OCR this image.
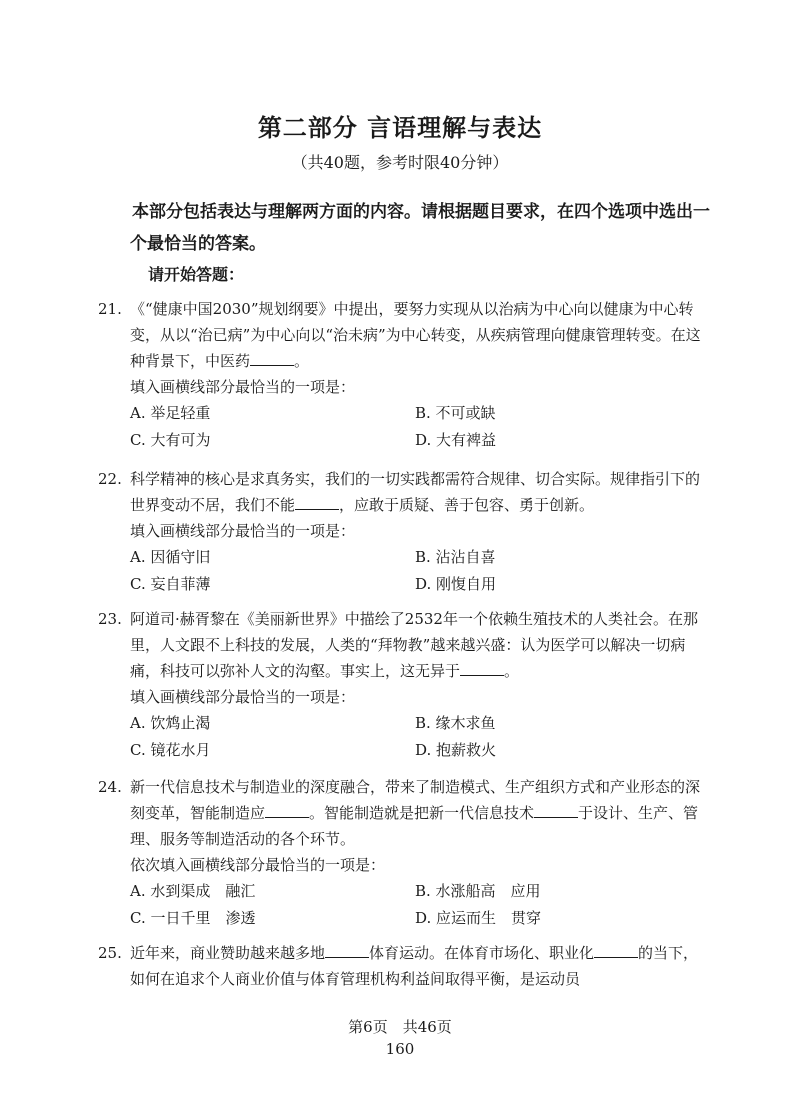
第二部分 言语理解与表达
（共40题，参考时限40分钟）
本部分包括表达与理解两方面的内容。请根据题目要求，在四个选项中选出一个最恰当的答案。
请开始答题：
21. 《“健康中国2030”规划纲要》中提出，要努力实现从以治病为中心向以健康为中心转变，从以“治已病”为中心向以“治未病”为中心转变，从疾病管理向健康管理转变。在这种背景下，中医药	。
填入画横线部分最恰当的一项是：
A. 举足轻重	B. 不可或缺
C. 大有可为	D. 大有裨益
22. 科学精神的核心是求真务实，我们的一切实践都需符合规律、切合实际。规律指引下的世界变动不居，我们不能	，应敢于质疑、善于包容、勇于创新。
填入画横线部分最恰当的一项是：
A. 因循守旧	B. 沾沾自喜
C. 妄自菲薄	D. 刚愎自用
23. 阿道司·赫胥黎在《美丽新世界》中描绘了2532年一个依赖生殖技术的人类社会。在那里，人文跟不上科技的发展，人类的“拜物教”越来越兴盛：认为医学可以解决一切病痛，科技可以弥补人文的沟壑。事实上，这无异于	。
填入画横线部分最恰当的一项是：
A. 饮鸩止渴	B. 缘木求鱼
C. 镜花水月	D. 抱薪救火
24. 新一代信息技术与制造业的深度融合，带来了制造模式、生产组织方式和产业形态的深刻变革，智能制造应	。智能制造就是把新一代信息技术	于设计、生产、管理、服务等制造活动的各个环节。
依次填入画横线部分最恰当的一项是：
A. 水到渠成　融汇	B. 水涨船高　应用
C. 一日千里　渗透	D. 应运而生　贯穿
25. 近年来，商业赞助越来越多地	体育运动。在体育市场化、职业化	的当下，如何在追求个人商业价值与体育管理机构利益间取得平衡，是运动员
第6页　共46页
160
